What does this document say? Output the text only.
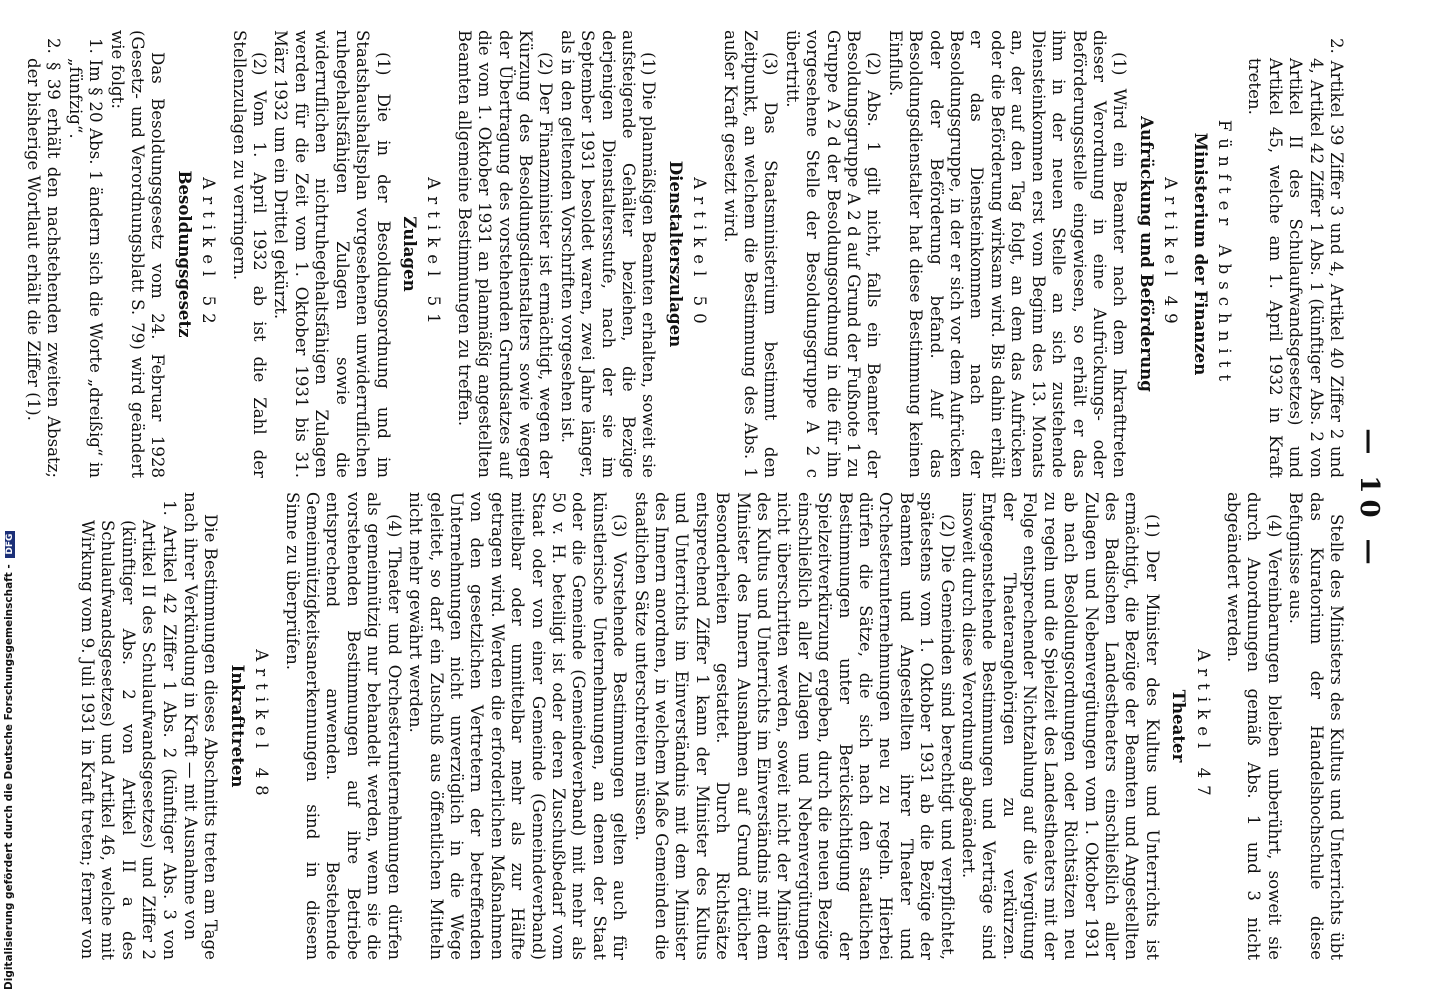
— 10 —
Stelle des Ministers des Kultus und Unterrichts übt das Kuratorium der Handelshochschule diese Befugnisse aus.
(4) Vereinbarungen bleiben unberührt, soweit sie durch Anordnungen gemäß Abs. 1 und 3 nicht abgeändert werden.
Artikel 47
Theater
(1) Der Minister des Kultus und Unterrichts ist ermächtigt, die Bezüge der Beamten und Angestellten des Badischen Landestheaters einschließlich aller Zulagen und Nebenvergütungen vom 1. Oktober 1931 ab nach Besoldungsordnungen oder Richtsätzen neu zu regeln und die Spielzeit des Landestheaters mit der Folge entsprechender Nichtzahlung auf die Vergütung der Theaterangehörigen zu verkürzen. Entgegenstehende Bestimmungen und Verträge sind insoweit durch diese Verordnung abgeändert.
(2) Die Gemeinden sind berechtigt und verpflichtet, spätestens vom 1. Oktober 1931 ab die Bezüge der Beamten und Angestellten ihrer Theater und Orchesterunternehmungen neu zu regeln. Hierbei dürfen die Sätze, die sich nach den staatlichen Bestimmungen unter Berücksichtigung der Spielzeitverkürzung ergeben, durch die neuen Bezüge einschließlich aller Zulagen und Nebenvergütungen nicht überschritten werden, soweit nicht der Minister des Kultus und Unterrichts im Einverständnis mit dem Minister des Innern Ausnahmen auf Grund örtlicher Besonderheiten gestattet. Durch Richtsätze entsprechend Ziffer 1 kann der Minister des Kultus und Unterrichts im Einverständnis mit dem Minister des Innern anordnen, in welchem Maße Gemeinden die staatlichen Sätze unterschreiten müssen.
(3) Vorstehende Bestimmungen gelten auch für künstlerische Unternehmungen, an denen der Staat oder die Gemeinde (Gemeindeverband) mit mehr als 50 v. H. beteiligt ist oder deren Zuschußbedarf vom Staat oder von einer Gemeinde (Gemeindeverband) mittelbar oder unmittelbar mehr als zur Hälfte getragen wird. Werden die erforderlichen Maßnahmen von den gesetzlichen Vertretern der betreffenden Unternehmungen nicht unverzüglich in die Wege geleitet, so darf ein Zuschuß aus öffentlichen Mitteln nicht mehr gewährt werden.
(4) Theater und Orchesterunternehmungen dürfen als gemeinnützig nur behandelt werden, wenn sie die vorstehenden Bestimmungen auf ihre Betriebe entsprechend anwenden. Bestehende Gemeinnützigkeitsanerkennungen sind in diesem Sinne zu überprüfen.
Artikel 48
Inkrafttreten
Die Bestimmungen dieses Abschnitts treten am Tage nach ihrer Verkündung in Kraft — mit Ausnahme von
1. Artikel 42 Ziffer 1 Abs. 2 (künftiger Abs. 3 von Artikel II des Schulaufwandsgesetzes) und Ziffer 2 (künftiger Abs. 2 von Artikel II a des Schulaufwandsgesetzes) und Artikel 46, welche mit Wirkung vom 9. Juli 1931 in Kraft treten; ferner von
2. Artikel 39 Ziffer 3 und 4, Artikel 40 Ziffer 2 und 4, Artikel 42 Ziffer 1 Abs. 1 (künftiger Abs. 2 von Artikel II des Schulaufwandsgesetzes) und Artikel 45, welche am 1. April 1932 in Kraft treten.
Fünfter Abschnitt
Ministerium der Finanzen
Artikel 49
Aufrückung und Beförderung
(1) Wird ein Beamter nach dem Inkrafttreten dieser Verordnung in eine Aufrückungs- oder Beförderungsstelle eingewiesen, so erhält er das ihm in der neuen Stelle an sich zustehende Diensteinkommen erst vom Beginn des 13. Monats an, der auf den Tag folgt, an dem das Aufrücken oder die Beförderung wirksam wird. Bis dahin erhält er das Diensteinkommen nach der Besoldungsgruppe, in der er sich vor dem Aufrücken oder der Beförderung befand. Auf das Besoldungsdienstalter hat diese Bestimmung keinen Einfluß.
(2) Abs. 1 gilt nicht, falls ein Beamter der Besoldungsgruppe A 2 d auf Grund der Fußnote 1 zu Gruppe A 2 d der Besoldungsordnung in die für ihn vorgesehene Stelle der Besoldungsgruppe A 2 c übertritt.
(3) Das Staatsministerium bestimmt den Zeitpunkt, an welchem die Bestimmung des Abs. 1 außer Kraft gesetzt wird.
Artikel 50
Dienstalterszulagen
(1) Die planmäßigen Beamten erhalten, soweit sie aufsteigende Gehälter beziehen, die Bezüge derjenigen Dienstaltersstufe, nach der sie im September 1931 besoldet waren, zwei Jahre länger, als in den geltenden Vorschriften vorgesehen ist.
(2) Der Finanzminister ist ermächtigt, wegen der Kürzung des Besoldungsdienstalters sowie wegen der Übertragung des vorstehenden Grundsatzes auf die vom 1. Oktober 1931 an planmäßig angestellten Beamten allgemeine Bestimmungen zu treffen.
Artikel 51
Zulagen
(1) Die in der Besoldungsordnung und im Staatshaushaltsplan vorgesehenen unwiderruflichen ruhegehaltsfähigen Zulagen sowie die widerruflichen nichtruhegehaltsfähigen Zulagen werden für die Zeit vom 1. Oktober 1931 bis 31. März 1932 um ein Drittel gekürzt.
(2) Vom 1. April 1932 ab ist die Zahl der Stellenzulagen zu verringern.
Artikel 52
Besoldungsgesetz
Das Besoldungsgesetz vom 24. Februar 1928 (Gesetz- und Verordnungsblatt S. 79) wird geändert wie folgt:
1. Im § 20 Abs. 1 ändern sich die Worte „dreißig“ in „fünfzig“.
2. § 39 erhält den nachstehenden zweiten Absatz; der bisherige Wortlaut erhält die Ziffer (1).
Digitalisierung gefördert durch die Deutsche Forschungsgemeinschaft - DFG
